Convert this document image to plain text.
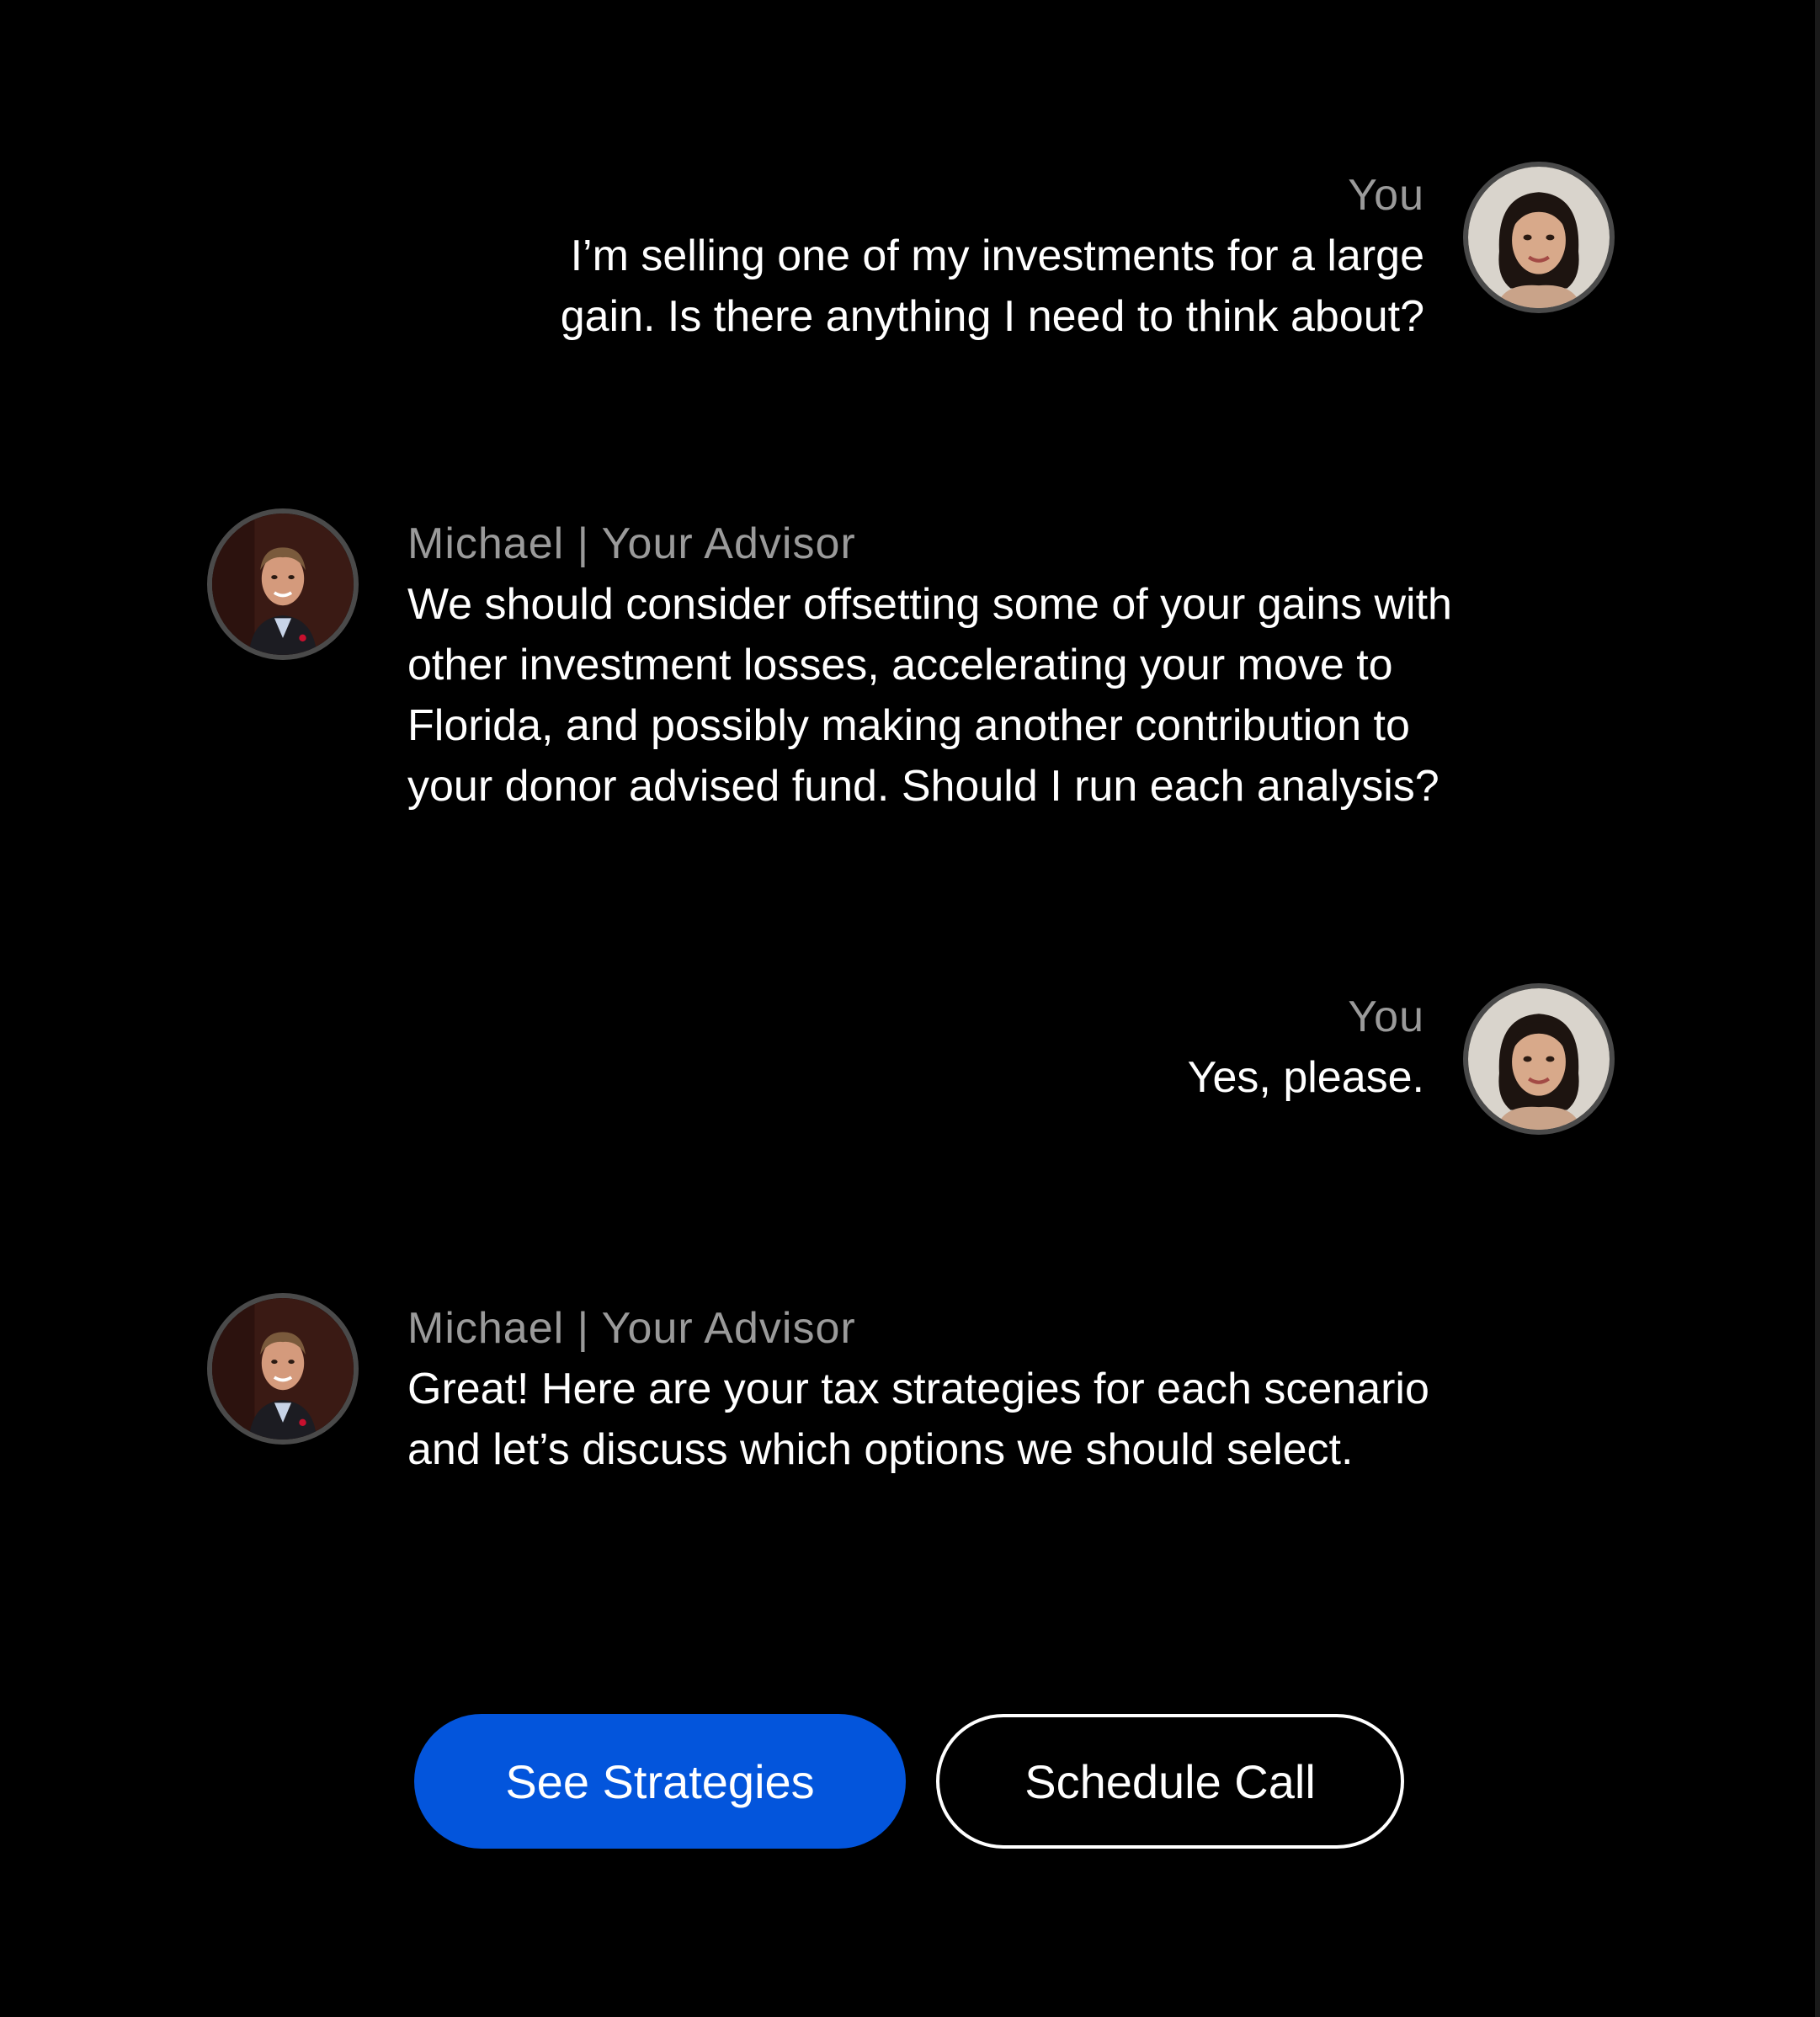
You
I’m selling one of my investments for a large
gain. Is there anything I need to think about?
Michael | Your Advisor
We should consider offsetting some of your gains with
other investment losses, accelerating your move to
Florida, and possibly making another contribution to
your donor advised fund. Should I run each analysis?
You
Yes, please.
Michael | Your Advisor
Great! Here are your tax strategies for each scenario
and let’s discuss which options we should select.
See Strategies	Schedule Call
